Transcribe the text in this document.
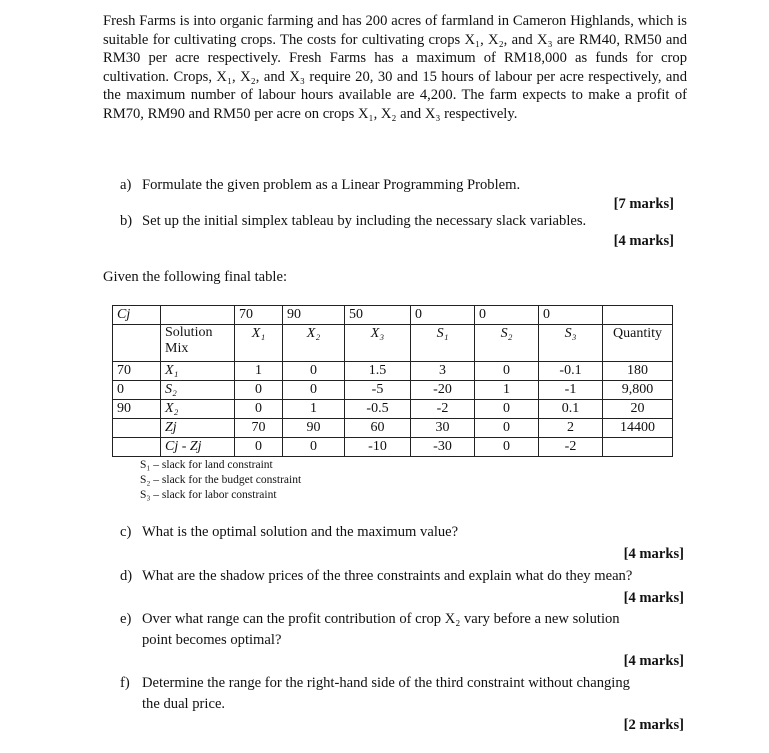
Fresh Farms is into organic farming and has 200 acres of farmland in Cameron Highlands, which is suitable for cultivating crops. The costs for cultivating crops X₁, X₂, and X₃ are RM40, RM50 and RM30 per acre respectively. Fresh Farms has a maximum of RM18,000 as funds for crop cultivation. Crops, X₁, X₂, and X₃ require 20, 30 and 15 hours of labour per acre respectively, and the maximum number of labour hours available are 4,200. The farm expects to make a profit of RM70, RM90 and RM50 per acre on crops X₁, X₂ and X₃ respectively.

a) Formulate the given problem as a Linear Programming Problem.
[7 marks]
b) Set up the initial simplex tableau by including the necessary slack variables.
[4 marks]
Given the following final table:
Cj		70	90	50	0	0	0	
	Solution
Mix	X₁	X₂	X₃	S₁	S₂	S₃	Quantity
70	X₁	1	0	1.5	3	0	-0.1	180
0	S₂	0	0	-5	-20	1	-1	9,800
90	X₂	0	1	-0.5	-2	0	0.1	20
	Zj	70	90	60	30	0	2	14400
	Cj - Zj	0	0	-10	-30	0	-2	
S₁ – slack for land constraint
S₂ – slack for the budget constraint
S₃ – slack for labor constraint
c) What is the optimal solution and the maximum value?
[4 marks]
d) What are the shadow prices of the three constraints and explain what do they mean?
[4 marks]
e) Over what range can the profit contribution of crop X₂ vary before a new solution
point becomes optimal?
[4 marks]
f) Determine the range for the right-hand side of the third constraint without changing
the dual price.
[2 marks]
